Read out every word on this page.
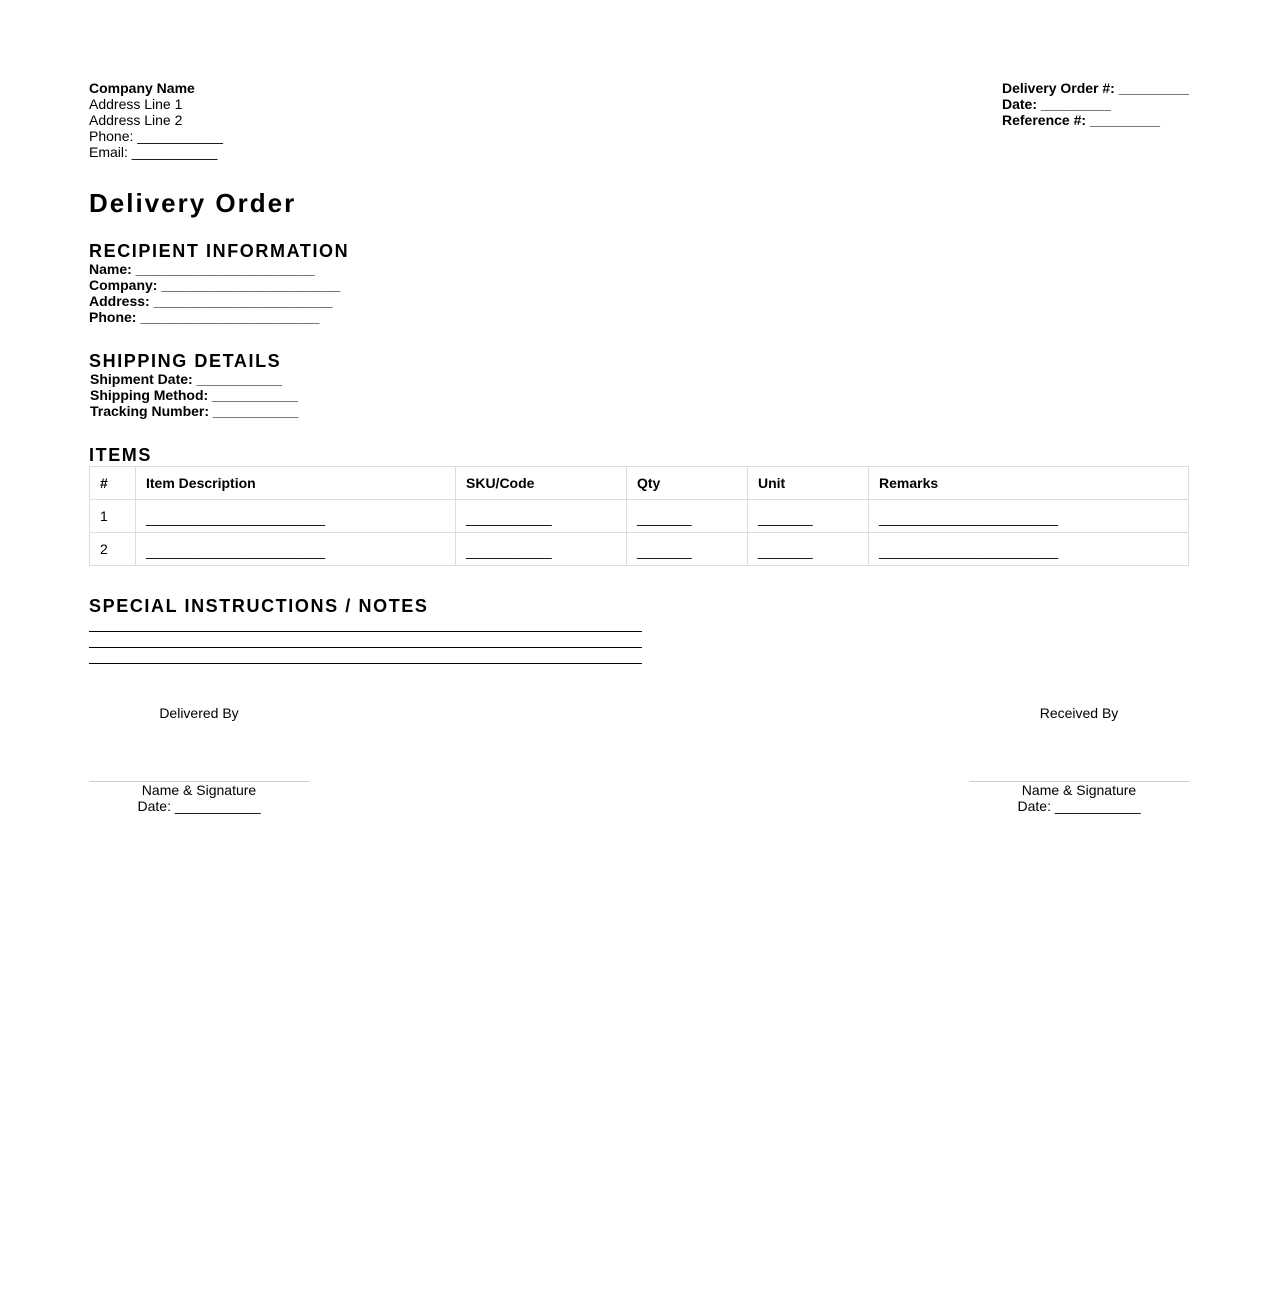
Company Name
Address Line 1
Address Line 2
Phone: ___________
Email: ___________
Delivery Order #: _________
Date: _________
Reference #: _________
Delivery Order
RECIPIENT INFORMATION
Name: _______________________
Company: _______________________
Address: _______________________
Phone: _______________________
SHIPPING DETAILS
Shipment Date: ___________
Shipping Method: ___________
Tracking Number: ___________
ITEMS
#	Item Description	SKU/Code	Qty	Unit	Remarks
1	_______________________	___________	_______	_______	_______________________
2	_______________________	___________	_______	_______	_______________________
SPECIAL INSTRUCTIONS / NOTES
Delivered By
Name & Signature
Date: ___________
Received By
Name & Signature
Date: ___________
